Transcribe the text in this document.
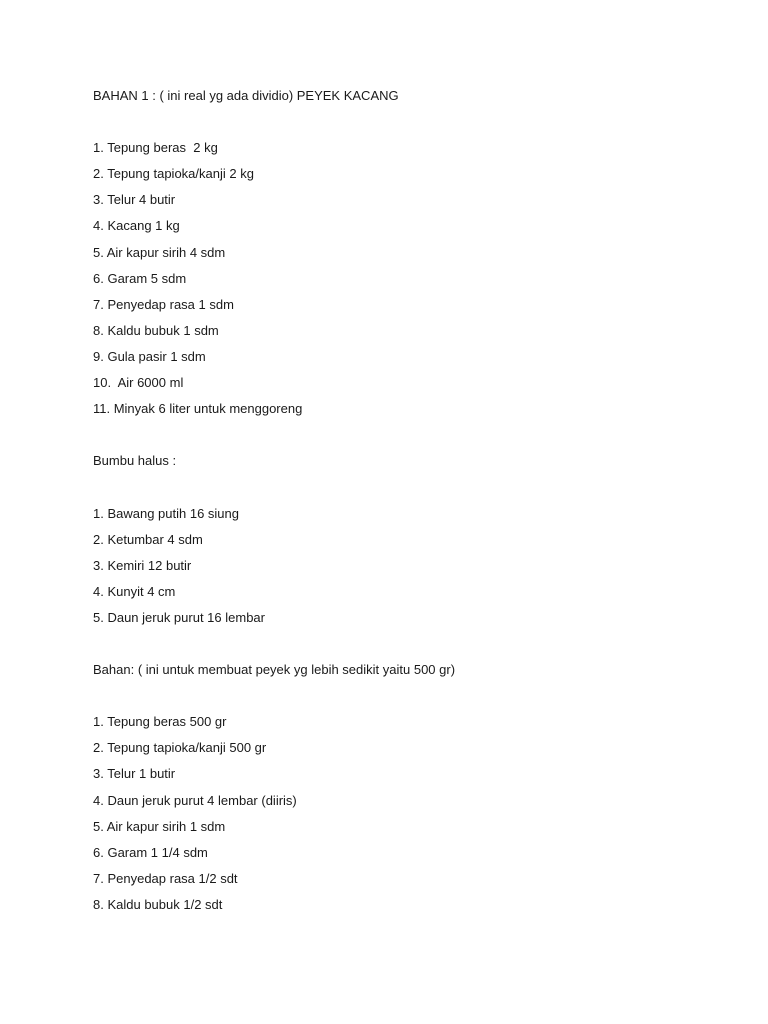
BAHAN 1 : ( ini real yg ada dividio) PEYEK KACANG
1. Tepung beras  2 kg
2. Tepung tapioka/kanji 2 kg
3. Telur 4 butir
4. Kacang 1 kg
5. Air kapur sirih 4 sdm
6. Garam 5 sdm
7. Penyedap rasa 1 sdm
8. Kaldu bubuk 1 sdm
9. Gula pasir 1 sdm
10.  Air 6000 ml
11. Minyak 6 liter untuk menggoreng
Bumbu halus :
1. Bawang putih 16 siung
2. Ketumbar 4 sdm
3. Kemiri 12 butir
4. Kunyit 4 cm
5. Daun jeruk purut 16 lembar
Bahan: ( ini untuk membuat peyek yg lebih sedikit yaitu 500 gr)
1. Tepung beras 500 gr
2. Tepung tapioka/kanji 500 gr
3. Telur 1 butir
4. Daun jeruk purut 4 lembar (diiris)
5. Air kapur sirih 1 sdm
6. Garam 1 1/4 sdm
7. Penyedap rasa 1/2 sdt
8. Kaldu bubuk 1/2 sdt
